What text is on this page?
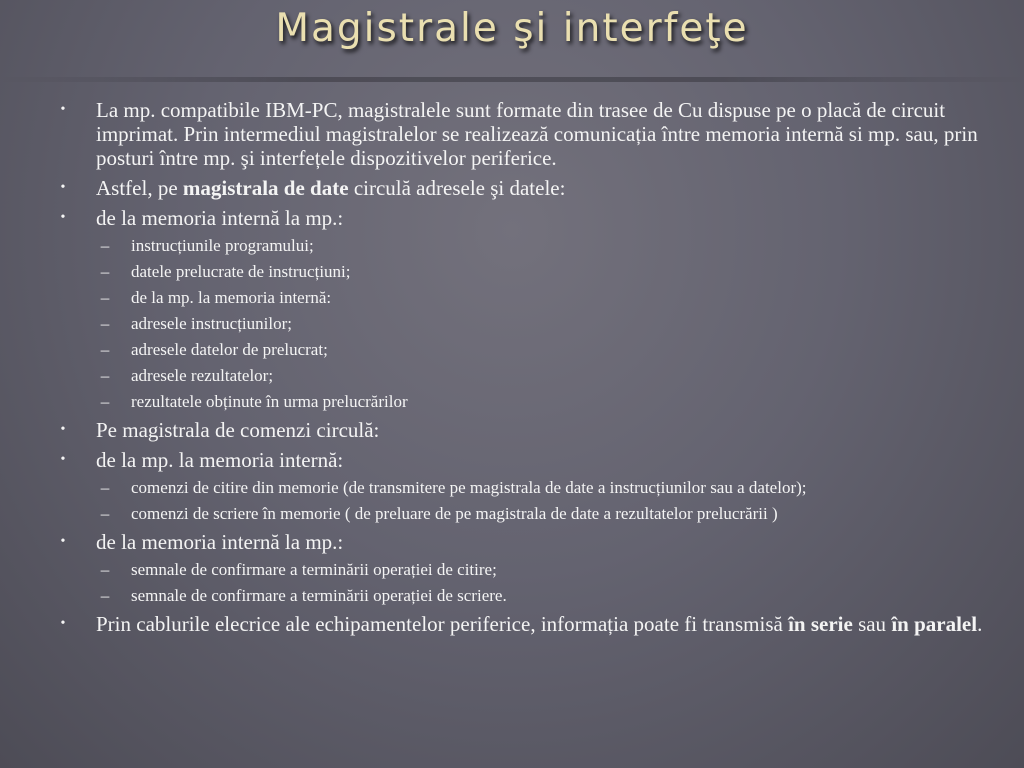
Magistrale şi interfeţe
•	La mp. compatibile IBM-PC, magistralele sunt formate din trasee de Cu dispuse pe o placă de circuit imprimat. Prin intermediul magistralelor se realizează comunicația între memoria internă si mp. sau, prin posturi între mp. şi interfețele dispozitivelor periferice.
•	Astfel, pe magistrala de date circulă adresele şi datele:
•	de la memoria internă la mp.:
–	instrucțiunile programului;
–	datele prelucrate de instrucțiuni;
–	de la mp. la memoria internă:
–	adresele instrucțiunilor;
–	adresele datelor de prelucrat;
–	adresele rezultatelor;
–	rezultatele obținute în urma prelucrărilor
•	Pe magistrala de comenzi circulă:
•	de la mp. la memoria internă:
–	comenzi de citire din memorie (de transmitere pe magistrala de date a instrucțiunilor sau a datelor);
–	comenzi de scriere în memorie ( de preluare de pe magistrala de date a rezultatelor prelucrării )
•	de la memoria internă la mp.:
–	semnale de confirmare a terminării operației de citire;
–	semnale de confirmare a terminării operației de scriere.
•	Prin cablurile elecrice ale echipamentelor periferice, informația poate fi transmisă în serie sau în paralel.
